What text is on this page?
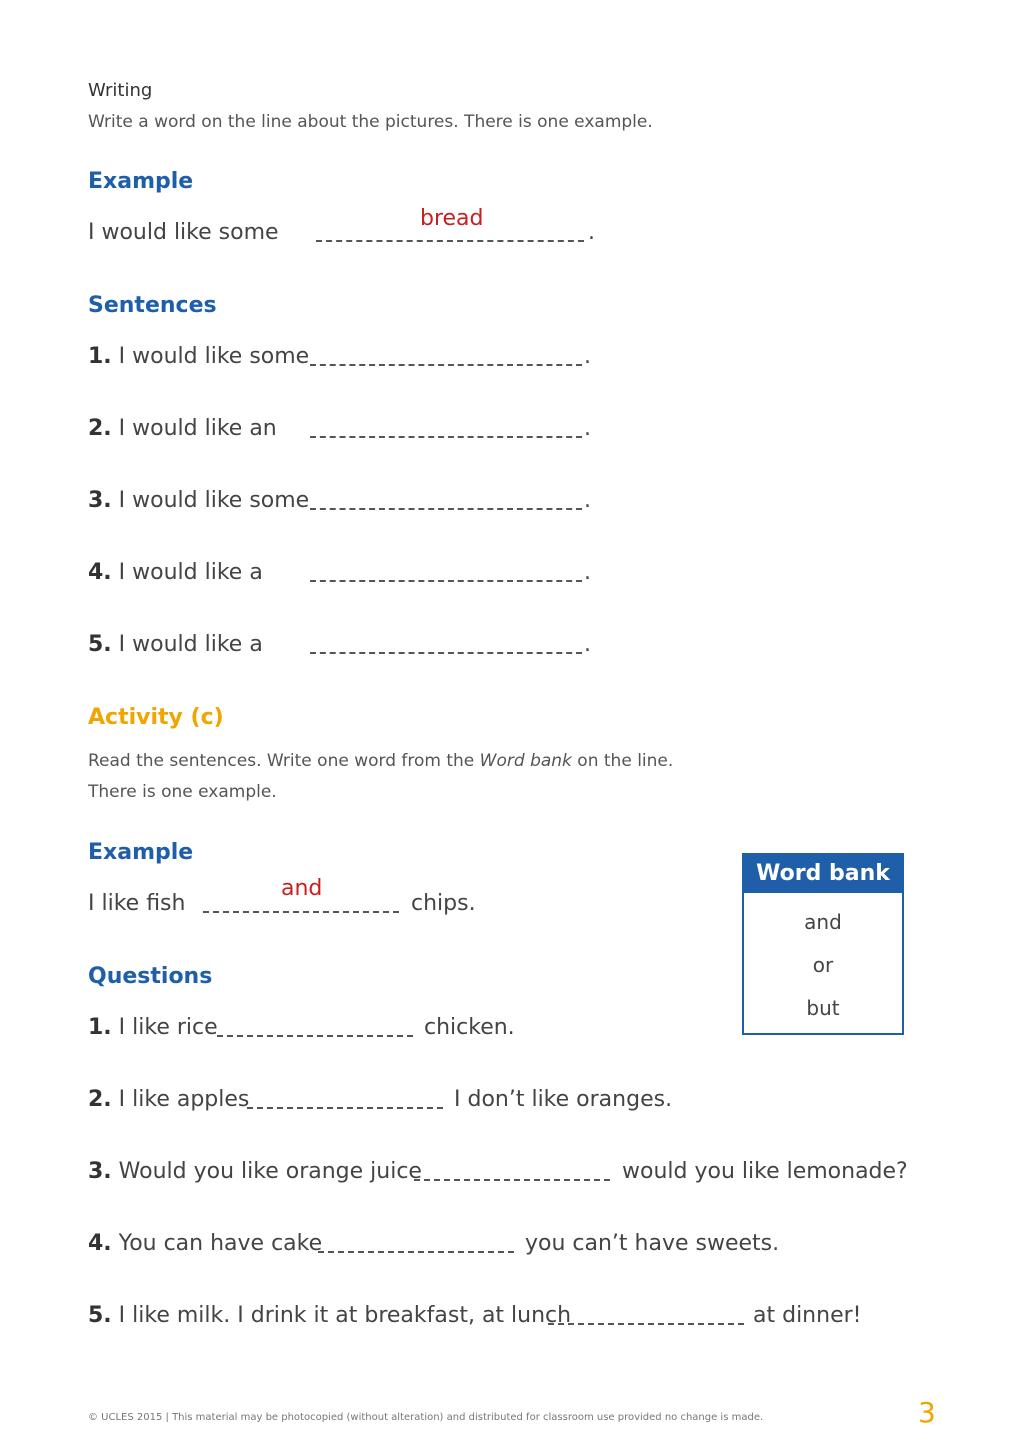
Writing
Write a word on the line about the pictures. There is one example.
Example
I would like some
bread
.
Sentences
1. I would like some	.
2. I would like an	.
3. I would like some	.
4. I would like a	.
5. I would like a	.
Activity (c)
Read the sentences. Write one word from the Word bank on the line.
There is one example.
Example
I like fish
and
chips.
Questions
1. I like rice	chicken.
2. I like apples	I don’t like oranges.
3. Would you like orange juice	would you like lemonade?
4. You can have cake	you can’t have sweets.
5. I like milk. I drink it at breakfast, at lunch	at dinner!
Word bank
and
or
but
© UCLES 2015 | This material may be photocopied (without alteration) and distributed for classroom use provided no change is made.	3
